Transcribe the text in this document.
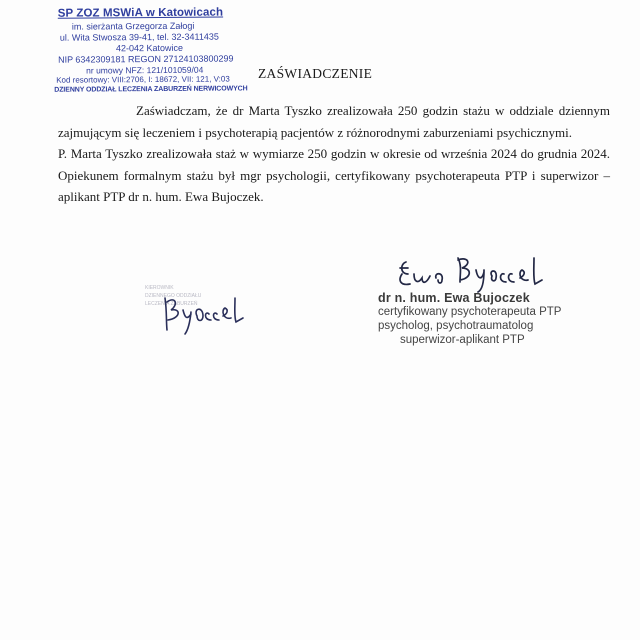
SP ZOZ MSWiA w Katowicach
im. sierżanta Grzegorza Załogi
ul. Wita Stwosza 39-41, tel. 32-3411435
42-042 Katowice
NIP 6342309181 REGON 27124103800299
nr umowy NFZ: 121/101059/04
Kod resortowy: VIII:2706, I: 18672, VII: 121, V:03
DZIENNY ODDZIAŁ LECZENIA ZABURZEŃ NERWICOWYCH
ZAŚWIADCZENIE

Zaświadczam, że dr Marta Tyszko zrealizowała 250 godzin stażu w oddziale dziennym zajmującym się leczeniem i psychoterapią pacjentów z różnorodnymi zaburzeniami psychicznymi.

P. Marta Tyszko zrealizowała staż w wymiarze 250 godzin w okresie od września 2024 do grudnia 2024. Opiekunem formalnym stażu był mgr psychologii, certyfikowany psychoterapeuta PTP i superwizor – aplikant PTP dr n. hum. Ewa Bujoczek.

KIEROWNIK
DZIENNEGO ODDZIAŁU
LECZENIA ZABURZEŃ	dr n. hum. Ewa Bujoczek
certyfikowany psychoterapeuta PTP
psycholog, psychotraumatolog
superwizor-aplikant PTP
